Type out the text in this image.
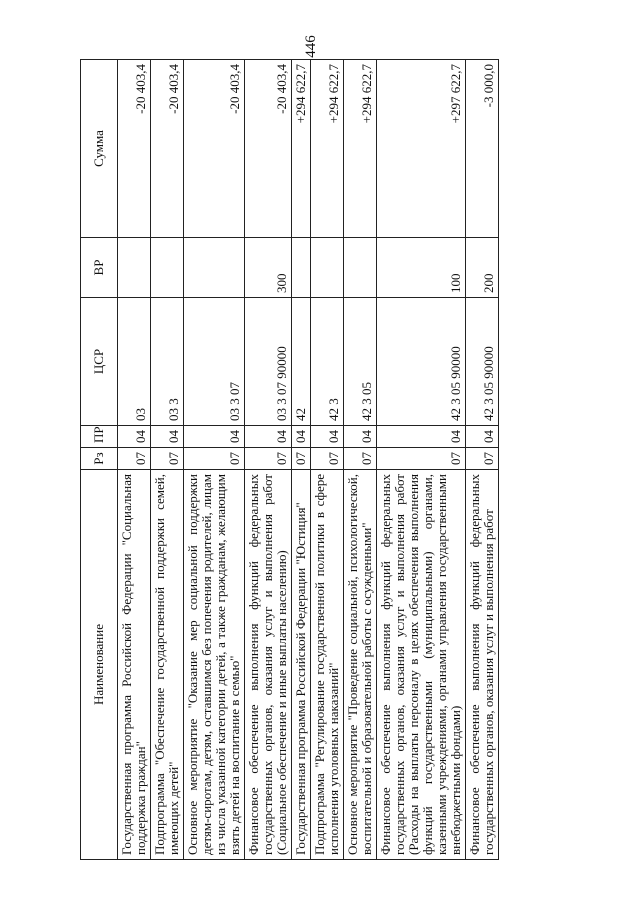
446
Наименование	Рз	ПР	ЦСР	ВР	Сумма
Государственная программа Российской Федерации "Социальная поддержка граждан"	07	04	03		-20 403,4
Подпрограмма "Обеспечение государственной поддержки семей, имеющих детей"	07	04	03 3		-20 403,4
Основное мероприятие "Оказание мер социальной поддержки детям-сиротам, детям, оставшимся без попечения родителей, лицам из числа указанной категории детей, а также гражданам, желающим взять детей на воспитание в семью"	07	04	03 3 07		-20 403,4
Финансовое обеспечение выполнения функций федеральных государственных органов, оказания услуг и выполнения работ (Социальное обеспечение и иные выплаты населению)	07	04	03 3 07 90000	300	-20 403,4
Государственная программа Российской Федерации "Юстиция"	07	04	42		+294 622,7
Подпрограмма "Регулирование государственной политики в сфере исполнения уголовных наказаний"	07	04	42 3		+294 622,7
Основное мероприятие "Проведение социальной, психологической, воспитательной и образовательной работы с осужденными"	07	04	42 3 05		+294 622,7
Финансовое обеспечение выполнения функций федеральных государственных органов, оказания услуг и выполнения работ (Расходы на выплаты персоналу в целях обеспечения выполнения функций государственными (муниципальными) органами, казенными учреждениями, органами управления государственными внебюджетными фондами)	07	04	42 3 05 90000	100	+297 622,7
Финансовое обеспечение выполнения функций федеральных государственных органов, оказания услуг и выполнения работ	07	04	42 3 05 90000	200	-3 000,0
